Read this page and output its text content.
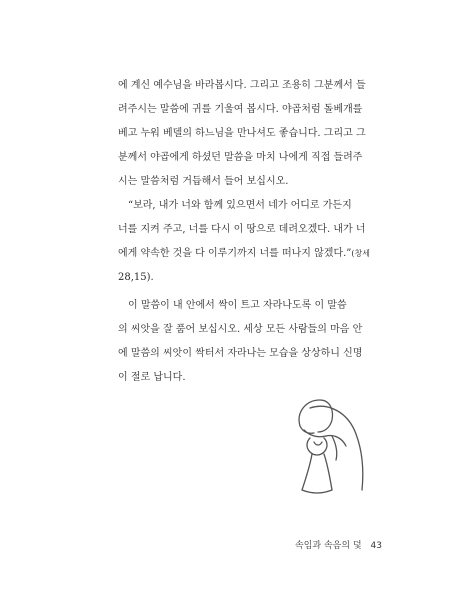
에 계신 예수님을 바라봅시다. 그리고 조용히 그분께서 들
려주시는 말씀에 귀를 기울여 봅시다. 야곱처럼 돌베개를
베고 누워 베델의 하느님을 만나셔도 좋습니다. 그리고 그
분께서 야곱에게 하셨던 말씀을 마치 나에게 직접 들려주
시는 말씀처럼 거듭해서 들어 보십시오.
“보라, 내가 너와 함께 있으면서 네가 어디로 가든지
너를 지켜 주고, 너를 다시 이 땅으로 데려오겠다. 내가 너
에게 약속한 것을 다 이루기까지 너를 떠나지 않겠다.”(창세
28,15).
이 말씀이 내 안에서 싹이 트고 자라나도록 이 말씀
의 씨앗을 잘 품어 보십시오. 세상 모든 사람들의 마음 안
에 말씀의 씨앗이 싹터서 자라나는 모습을 상상하니 신명
이 절로 납니다.
속임과 속음의 덫 43
